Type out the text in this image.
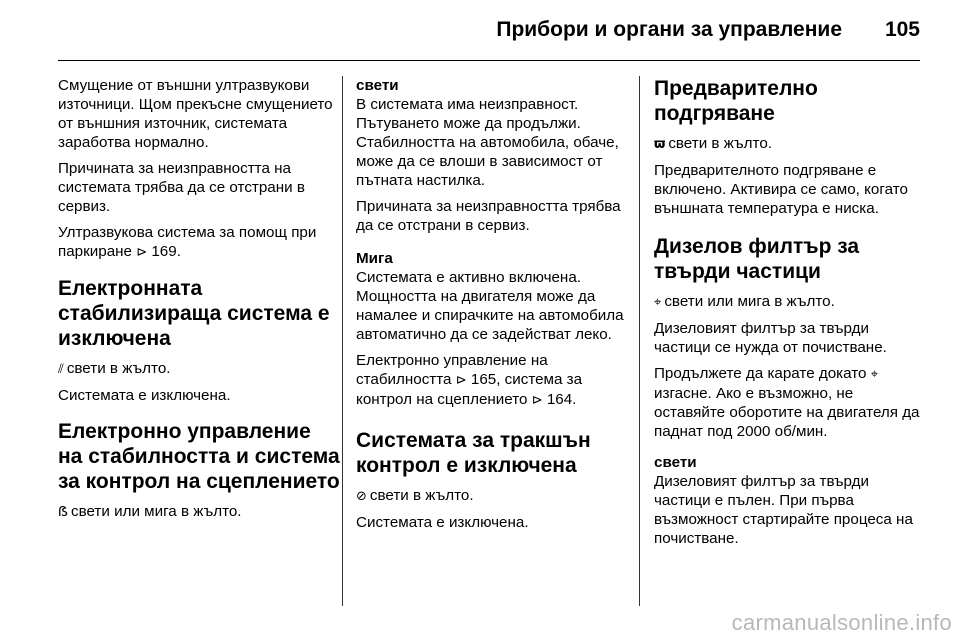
Прибори и органи за управление 105

Смущение от външни ултразвукови източници. Щом прекъсне смущението от външния източник, системата заработва нормално.

Причината за неизправността на системата трябва да се отстрани в сервиз.

Ултразвукова система за помощ при паркиране ⊳ 169.

Електронната стабилизираща система е изключена

⫽ свети в жълто.

Системата е изключена.

Електронно управление на стабилността и система за контрол на сцеплението

ẞ свети или мига в жълто.

свети

В системата има неизправност. Пътуването може да продължи. Стабилността на автомобила, обаче, може да се влоши в зависимост от пътната настилка.

Причината за неизправността трябва да се отстрани в сервиз.

Мига

Системата е активно включена. Мощността на двигателя може да намалее и спирачките на автомобила автоматично да се задействат леко.

Електронно управление на стабилността ⊳ 165, система за контрол на сцеплението ⊳ 164.

Системата за тракшън контрол е изключена

⊘ свети в жълто.

Системата е изключена.

Предварително подгряване

ϖ свети в жълто.

Предварителното подгряване е включено. Активира се само, когато външната температура е ниска.

Дизелов филтър за твърди частици

⌖ свети или мига в жълто.

Дизеловият филтър за твърди частици се нужда от почистване.

Продължете да карате докато ⌖ изгасне. Ако е възможно, не оставяйте оборотите на двигателя да паднат под 2000 об/мин.

свети

Дизеловият филтър за твърди частици е пълен. При първа възможност стартирайте процеса на почистване.

carmanualsonline.info
